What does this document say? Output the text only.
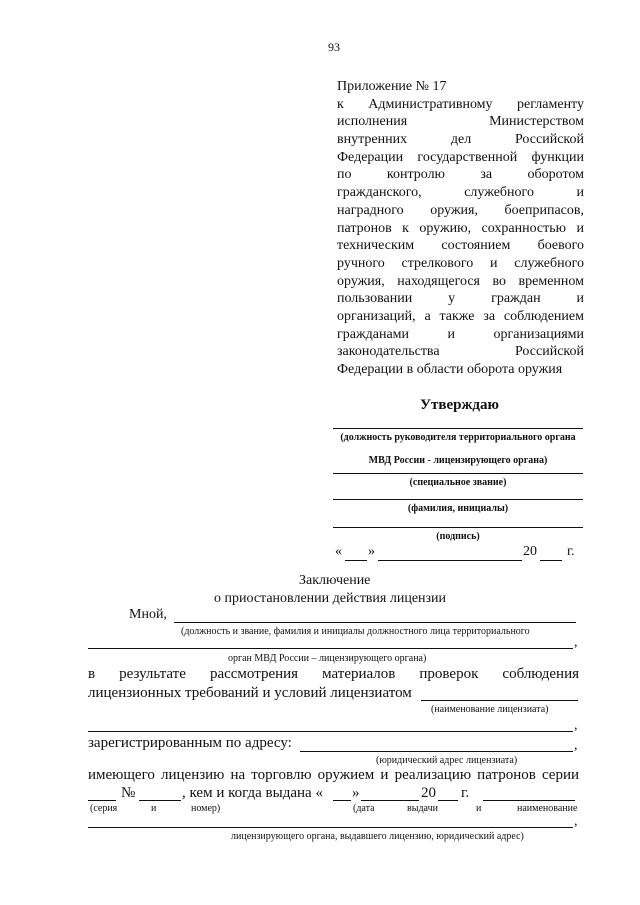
93
Приложение № 17
к Административному регламенту
исполнения Министерством
внутренних дел Российской
Федерации государственной функции
по контролю за оборотом
гражданского, служебного и
наградного оружия, боеприпасов,
патронов к оружию, сохранностью и
техническим состоянием боевого
ручного стрелкового и служебного
оружия, находящегося во временном
пользовании у граждан и
организаций, а также за соблюдением
гражданами и организациями
законодательства Российской
Федерации в области оборота оружия
Утверждаю
(должность руководителя территориального органа
МВД России - лицензирующего органа)
(специальное звание)
(фамилия, инициалы)
(подпись)
« »	20 г.
Заключение
о приостановлении действия лицензии
Мной,
(должность и звание, фамилия и инициалы должностного лица территориального
,
орган МВД России – лицензирующего органа)
в результате рассмотрения материалов проверок соблюдения
лицензионных требований и условий лицензиатом
(наименование лицензиата)
,
зарегистрированным по адресу:	,
(юридический адрес лицензиата)
имеющего лицензию на торговлю оружием и реализацию патронов серии
№	, кем и когда выдана « »	20 г.
(серия	и	номер)	(дата	выдачи	и	наименование
,
лицензирующего органа, выдавшего лицензию, юридический адрес)
